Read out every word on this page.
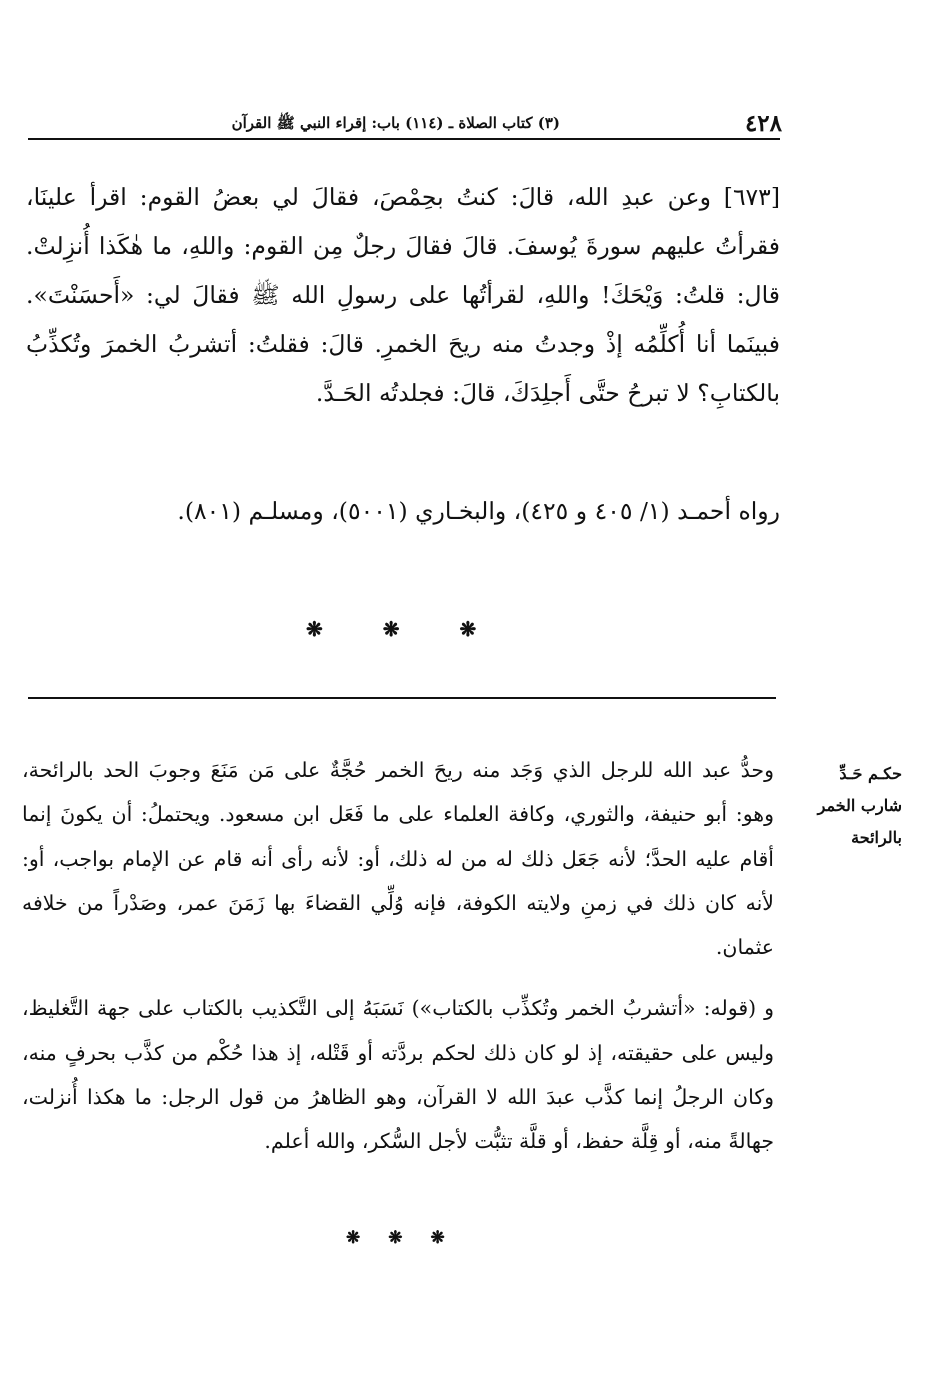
٤٢٨
(٣) كتاب الصلاة ـ (١١٤) باب: إقراء النبي ﷺ القرآن

[٦٧٣] وعن عبدِ الله، قالَ: كنتُ بحِمْصَ، فقالَ لي بعضُ القوم: اقرأ علينَا، فقرأتُ عليهم سورةَ يُوسفَ. قالَ فقالَ رجلٌ مِن القوم: واللهِ، ما هٰكَذا أُنزِلتْ. قال: قلتُ: وَيْحَكَ! واللهِ، لقرأتُها على رسولِ الله ﷺ فقالَ لي: «أَحسَنْتَ». فبينَما أنا أُكلِّمُه إذْ وجدتُ منه ريحَ الخمرِ. قالَ: فقلتُ: أتشربُ الخمرَ وتُكذِّبُ بالكتابِ؟ لا تبرحُ حتَّى أَجلِدَكَ، قالَ: فجلدتُه الحَـدَّ.

رواه أحمـد (١/ ٤٠٥ و ٤٢٥)، والبخـاري (٥٠٠١)، ومسلـم (٨٠١).

❋	❋	❋
حكـم حَـدِّ
شارب الخمر
بالرائحة

وحدُّ عبد الله للرجل الذي وَجَد منه ريحَ الخمر حُجَّةٌ على مَن مَنَعَ وجوبَ الحد بالرائحة، وهو: أبو حنيفة، والثوري، وكافة العلماء على ما فَعَل ابن مسعود. ويحتملُ: أن يكونَ إنما أقام عليه الحدَّ؛ لأنه جَعَل ذلك له من له ذلك، أو: لأنه رأى أنه قام عن الإمام بواجب، أو: لأنه كان ذلك في زمنِ ولايته الكوفة، فإنه وُلِّي القضاءَ بها زَمَنَ عمر، وصَدْراً من خلافه عثمان.

و (قوله: «أتشربُ الخمر وتُكذِّب بالكتاب») نَسَبَهُ إلى التَّكذيب بالكتاب على جهة التَّغليظ، وليس على حقيقته، إذ لو كان ذلك لحكم بردَّته أو قَتْله، إذ هذا حُكْم من كذَّب بحرفٍ منه، وكان الرجلُ إنما كذَّب عبدَ الله لا القرآن، وهو الظاهرُ من قول الرجل: ما هكذا أُنزلت، جهالةً منه، أو قِلَّة حفظ، أو قلَّة تثبُّت لأجل السُّكر، والله أعلم.

❋ ❋ ❋
